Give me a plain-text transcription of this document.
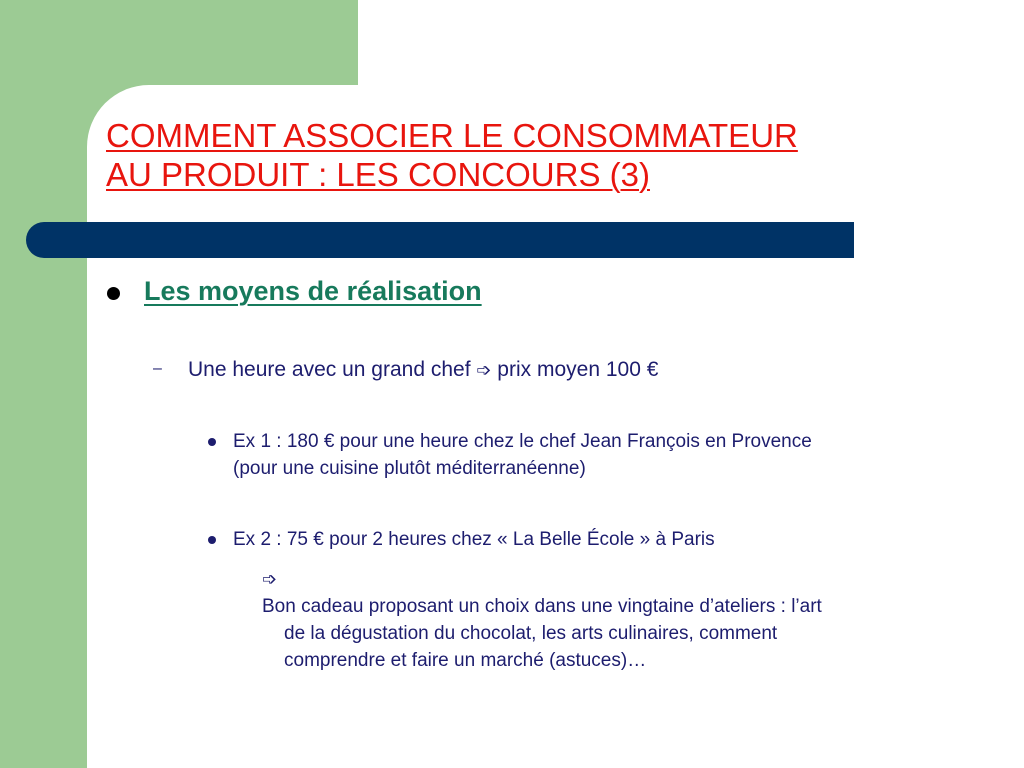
COMMENT ASSOCIER LE CONSOMMATEUR
AU PRODUIT : LES CONCOURS (3)
Les moyens de réalisation
– Une heure avec un grand chef ➩ prix moyen 100 €
Ex 1 : 180 € pour une heure chez le chef Jean François en Provence
(pour une cuisine plutôt méditerranéenne)
Ex 2 : 75 € pour 2 heures chez « La Belle École » à Paris
➩
Bon cadeau proposant un choix dans une vingtaine d’ateliers : l’art
de la dégustation du chocolat, les arts culinaires, comment
comprendre et faire un marché (astuces)…
